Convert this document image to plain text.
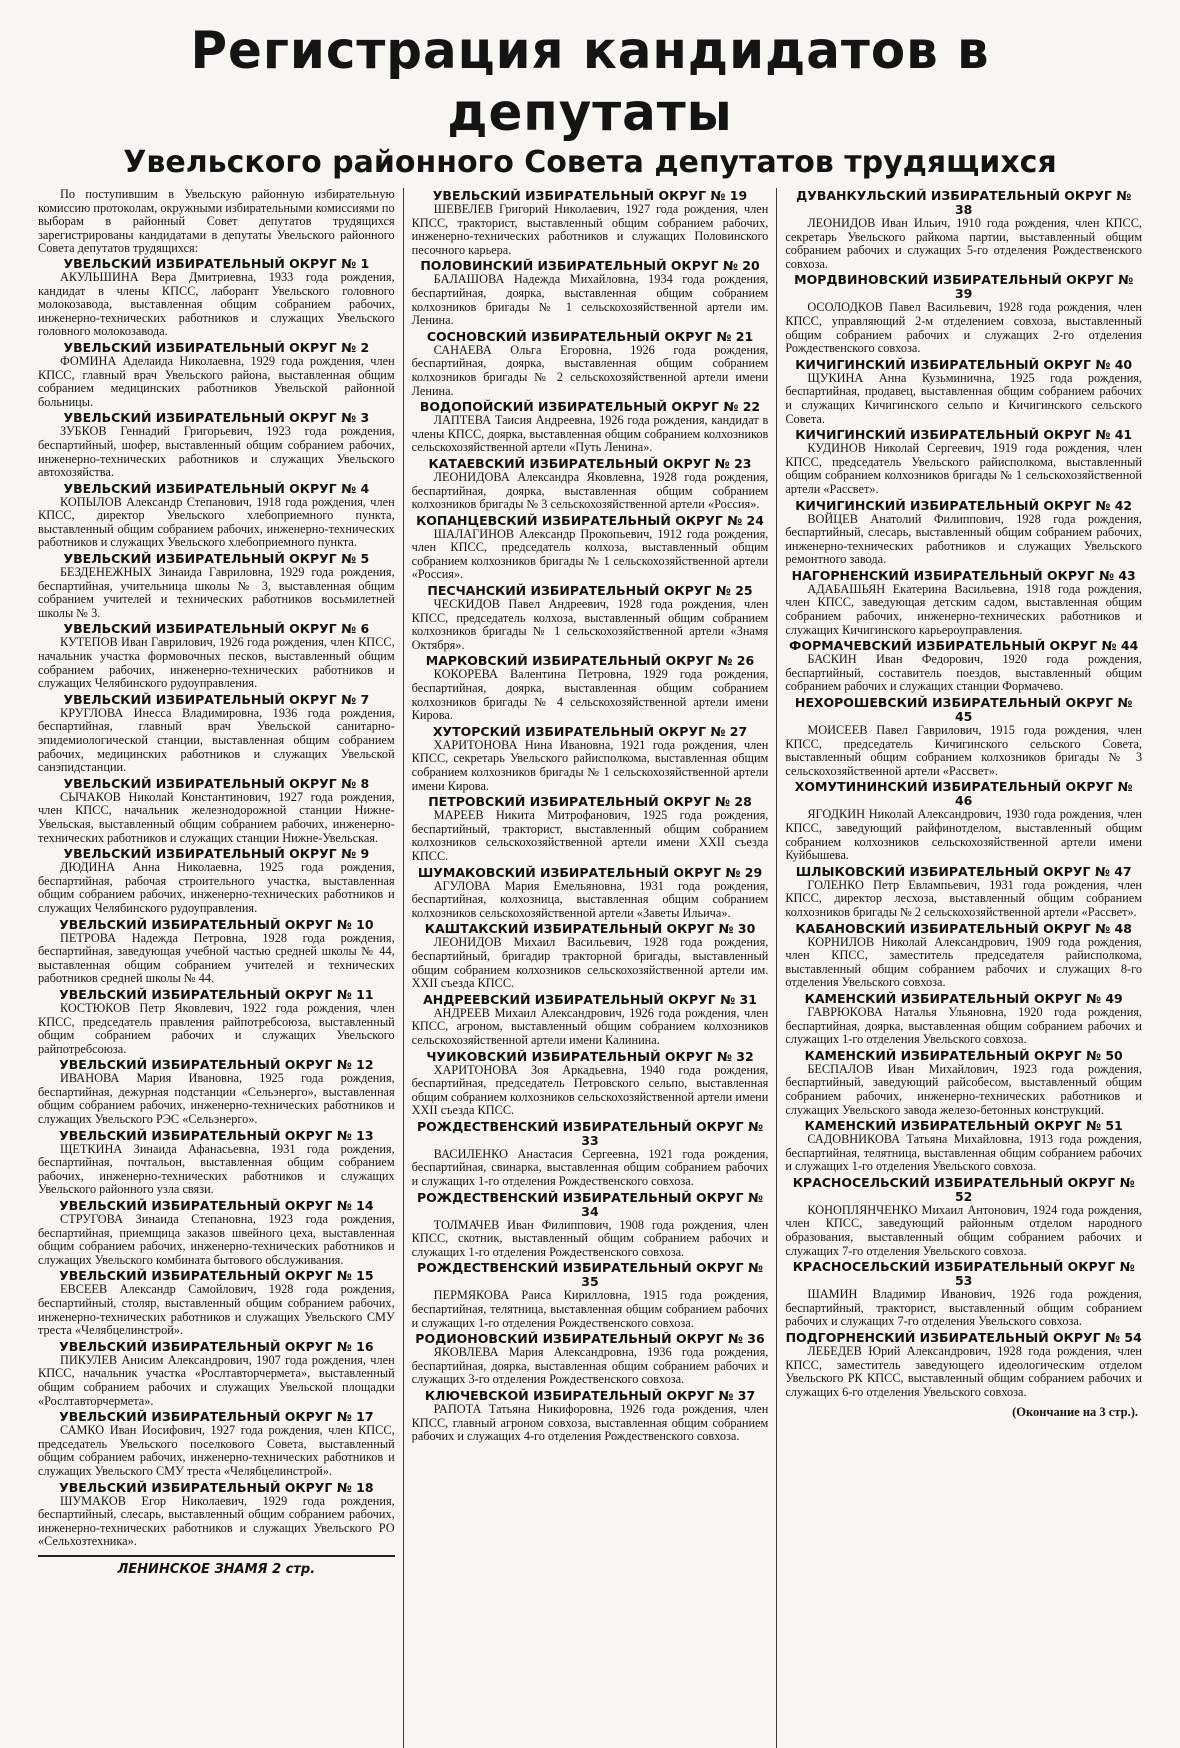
Регистрация кандидатов в депутаты
Увельского районного Совета депутатов трудящихся

По поступившим в Увельскую районную избирательную комиссию протоколам, окружными избирательными комиссиями по выборам в районный Совет депутатов трудящихся зарегистрированы кандидатами в депутаты Увельского районного Совета депутатов трудящихся:

УВЕЛЬСКИЙ ИЗБИРАТЕЛЬНЫЙ ОКРУГ № 1

АКУЛЬШИНА Вера Дмитриевна, 1933 года рождения, кандидат в члены КПСС, лаборант Увельского головного молокозавода, выставленная общим собранием рабочих, инженерно-технических работников и служащих Увельского головного молокозавода.

УВЕЛЬСКИЙ ИЗБИРАТЕЛЬНЫЙ ОКРУГ № 2

ФОМИНА Аделаида Николаевна, 1929 года рождения, член КПСС, главный врач Увельского района, выставленная общим собранием медицинских работников Увельской районной больницы.

УВЕЛЬСКИЙ ИЗБИРАТЕЛЬНЫЙ ОКРУГ № 3

ЗУБКОВ Геннадий Григорьевич, 1923 года рождения, беспартийный, шофер, выставленный общим собранием рабочих, инженерно-технических работников и служащих Увельского автохозяйства.

УВЕЛЬСКИЙ ИЗБИРАТЕЛЬНЫЙ ОКРУГ № 4

КОПЫЛОВ Александр Степанович, 1918 года рождения, член КПСС, директор Увельского хлебоприемного пункта, выставленный общим собранием рабочих, инженерно-технических работников и служащих Увельского хлебоприемного пункта.

УВЕЛЬСКИЙ ИЗБИРАТЕЛЬНЫЙ ОКРУГ № 5

БЕЗДЕНЕЖНЫХ Зинаида Гавриловна, 1929 года рождения, беспартийная, учительница школы № 3, выставленная общим собранием учителей и технических работников восьмилетней школы № 3.

УВЕЛЬСКИЙ ИЗБИРАТЕЛЬНЫЙ ОКРУГ № 6

КУТЕПОВ Иван Гаврилович, 1926 года рождения, член КПСС, начальник участка формовочных песков, выставленный общим собранием рабочих, инженерно-технических работников и служащих Челябинского рудоуправления.

УВЕЛЬСКИЙ ИЗБИРАТЕЛЬНЫЙ ОКРУГ № 7

КРУГЛОВА Инесса Владимировна, 1936 года рождения, беспартийная, главный врач Увельской санитарно-эпидемиологической станции, выставленная общим собранием рабочих, медицинских работников и служащих Увельской санэпидстанции.

УВЕЛЬСКИЙ ИЗБИРАТЕЛЬНЫЙ ОКРУГ № 8

СЫЧАКОВ Николай Константинович, 1927 года рождения, член КПСС, начальник железнодорожной станции Нижне-Увельская, выставленный общим собранием рабочих, инженерно-технических работников и служащих станции Нижне-Увельская.

УВЕЛЬСКИЙ ИЗБИРАТЕЛЬНЫЙ ОКРУГ № 9

ДЮДИНА Анна Николаевна, 1925 года рождения, беспартийная, рабочая строительного участка, выставленная общим собранием рабочих, инженерно-технических работников и служащих Челябинского рудоуправления.

УВЕЛЬСКИЙ ИЗБИРАТЕЛЬНЫЙ ОКРУГ № 10

ПЕТРОВА Надежда Петровна, 1928 года рождения, беспартийная, заведующая учебной частью средней школы № 44, выставленная общим собранием учителей и технических работников средней школы № 44.

УВЕЛЬСКИЙ ИЗБИРАТЕЛЬНЫЙ ОКРУГ № 11

КОСТЮКОВ Петр Яковлевич, 1922 года рождения, член КПСС, председатель правления райпотребсоюза, выставленный общим собранием рабочих и служащих Увельского райпотребсоюза.

УВЕЛЬСКИЙ ИЗБИРАТЕЛЬНЫЙ ОКРУГ № 12

ИВАНОВА Мария Ивановна, 1925 года рождения, беспартийная, дежурная подстанции «Сельэнерго», выставленная общим собранием рабочих, инженерно-технических работников и служащих Увельского РЭС «Сельэнерго».

УВЕЛЬСКИЙ ИЗБИРАТЕЛЬНЫЙ ОКРУГ № 13

ЩЕТКИНА Зинаида Афанасьевна, 1931 года рождения, беспартийная, почтальон, выставленная общим собранием рабочих, инженерно-технических работников и служащих Увельского районного узла связи.

УВЕЛЬСКИЙ ИЗБИРАТЕЛЬНЫЙ ОКРУГ № 14

СТРУГОВА Зинаида Степановна, 1923 года рождения, беспартийная, приемщица заказов швейного цеха, выставленная общим собранием рабочих, инженерно-технических работников и служащих Увельского комбината бытового обслуживания.

УВЕЛЬСКИЙ ИЗБИРАТЕЛЬНЫЙ ОКРУГ № 15

ЕВСЕЕВ Александр Самойлович, 1928 года рождения, беспартийный, столяр, выставленный общим собранием рабочих, инженерно-технических работников и служащих Увельского СМУ треста «Челябцелинстрой».

УВЕЛЬСКИЙ ИЗБИРАТЕЛЬНЫЙ ОКРУГ № 16

ПИКУЛЕВ Анисим Александрович, 1907 года рождения, член КПСС, начальник участка «Рослтавторчермета», выставленный общим собранием рабочих и служащих Увельской площадки «Рослтавторчермета».

УВЕЛЬСКИЙ ИЗБИРАТЕЛЬНЫЙ ОКРУГ № 17

САМКО Иван Иосифович, 1927 года рождения, член КПСС, председатель Увельского поселкового Совета, выставленный общим собранием рабочих, инженерно-технических работников и служащих Увельского СМУ треста «Челябцелинстрой».

УВЕЛЬСКИЙ ИЗБИРАТЕЛЬНЫЙ ОКРУГ № 18

ШУМАКОВ Егор Николаевич, 1929 года рождения, беспартийный, слесарь, выставленный общим собранием рабочих, инженерно-технических работников и служащих Увельского РО «Сельхозтехника».

ЛЕНИНСКОЕ ЗНАМЯ 2 стр.
УВЕЛЬСКИЙ ИЗБИРАТЕЛЬНЫЙ ОКРУГ № 19

ШЕВЕЛЕВ Григорий Николаевич, 1927 года рождения, член КПСС, тракторист, выставленный общим собранием рабочих, инженерно-технических работников и служащих Половинского песочного карьера.

ПОЛОВИНСКИЙ ИЗБИРАТЕЛЬНЫЙ ОКРУГ № 20

БАЛАШОВА Надежда Михайловна, 1934 года рождения, беспартийная, доярка, выставленная общим собранием колхозников бригады № 1 сельскохозяйственной артели им. Ленина.

СОСНОВСКИЙ ИЗБИРАТЕЛЬНЫЙ ОКРУГ № 21

САНАЕВА Ольга Егоровна, 1926 года рождения, беспартийная, доярка, выставленная общим собранием колхозников бригады № 2 сельскохозяйственной артели имени Ленина.

ВОДОПОЙСКИЙ ИЗБИРАТЕЛЬНЫЙ ОКРУГ № 22

ЛАПТЕВА Таисия Андреевна, 1926 года рождения, кандидат в члены КПСС, доярка, выставленная общим собранием колхозников сельскохозяйственной артели «Путь Ленина».

КАТАЕВСКИЙ ИЗБИРАТЕЛЬНЫЙ ОКРУГ № 23

ЛЕОНИДОВА Александра Яковлевна, 1928 года рождения, беспартийная, доярка, выставленная общим собранием колхозников бригады № 3 сельскохозяйственной артели «Россия».

КОПАНЦЕВСКИЙ ИЗБИРАТЕЛЬНЫЙ ОКРУГ № 24

ШАЛАГИНОВ Александр Прокопьевич, 1912 года рождения, член КПСС, председатель колхоза, выставленный общим собранием колхозников бригады № 1 сельскохозяйственной артели «Россия».

ПЕСЧАНСКИЙ ИЗБИРАТЕЛЬНЫЙ ОКРУГ № 25

ЧЕСКИДОВ Павел Андреевич, 1928 года рождения, член КПСС, председатель колхоза, выставленный общим собранием колхозников бригады № 1 сельскохозяйственной артели «Знамя Октября».

МАРКОВСКИЙ ИЗБИРАТЕЛЬНЫЙ ОКРУГ № 26

КОКОРЕВА Валентина Петровна, 1929 года рождения, беспартийная, доярка, выставленная общим собранием колхозников бригады № 4 сельскохозяйственной артели имени Кирова.

ХУТОРСКИЙ ИЗБИРАТЕЛЬНЫЙ ОКРУГ № 27

ХАРИТОНОВА Нина Ивановна, 1921 года рождения, член КПСС, секретарь Увельского райисполкома, выставленная общим собранием колхозников бригады № 1 сельскохозяйственной артели имени Кирова.

ПЕТРОВСКИЙ ИЗБИРАТЕЛЬНЫЙ ОКРУГ № 28

МАРЕЕВ Никита Митрофанович, 1925 года рождения, беспартийный, тракторист, выставленный общим собранием колхозников сельскохозяйственной артели имени XXII съезда КПСС.

ШУМАКОВСКИЙ ИЗБИРАТЕЛЬНЫЙ ОКРУГ № 29

АГУЛОВА Мария Емельяновна, 1931 года рождения, беспартийная, колхозница, выставленная общим собранием колхозников сельскохозяйственной артели «Заветы Ильича».

КАШТАКСКИЙ ИЗБИРАТЕЛЬНЫЙ ОКРУГ № 30

ЛЕОНИДОВ Михаил Васильевич, 1928 года рождения, беспартийный, бригадир тракторной бригады, выставленный общим собранием колхозников сельскохозяйственной артели им. XXII съезда КПСС.

АНДРЕЕВСКИЙ ИЗБИРАТЕЛЬНЫЙ ОКРУГ № 31

АНДРЕЕВ Михаил Александрович, 1926 года рождения, член КПСС, агроном, выставленный общим собранием колхозников сельскохозяйственной артели имени Калинина.

ЧУИКОВСКИЙ ИЗБИРАТЕЛЬНЫЙ ОКРУГ № 32

ХАРИТОНОВА Зоя Аркадьевна, 1940 года рождения, беспартийная, председатель Петровского сельпо, выставленная общим собранием колхозников сельскохозяйственной артели имени XXII съезда КПСС.

РОЖДЕСТВЕНСКИЙ ИЗБИРАТЕЛЬНЫЙ ОКРУГ № 33

ВАСИЛЕНКО Анастасия Сергеевна, 1921 года рождения, беспартийная, свинарка, выставленная общим собранием рабочих и служащих 1-го отделения Рождественского совхоза.

РОЖДЕСТВЕНСКИЙ ИЗБИРАТЕЛЬНЫЙ ОКРУГ № 34

ТОЛМАЧЕВ Иван Филиппович, 1908 года рождения, член КПСС, скотник, выставленный общим собранием рабочих и служащих 1-го отделения Рождественского совхоза.

РОЖДЕСТВЕНСКИЙ ИЗБИРАТЕЛЬНЫЙ ОКРУГ № 35

ПЕРМЯКОВА Раиса Кирилловна, 1915 года рождения, беспартийная, телятница, выставленная общим собранием рабочих и служащих 1-го отделения Рождественского совхоза.

РОДИОНОВСКИЙ ИЗБИРАТЕЛЬНЫЙ ОКРУГ № 36

ЯКОВЛЕВА Мария Александровна, 1936 года рождения, беспартийная, доярка, выставленная общим собранием рабочих и служащих 3-го отделения Рождественского совхоза.

КЛЮЧЕВСКОЙ ИЗБИРАТЕЛЬНЫЙ ОКРУГ № 37

РАПОТА Татьяна Никифоровна, 1926 года рождения, член КПСС, главный агроном совхоза, выставленная общим собранием рабочих и служащих 4-го отделения Рождественского совхоза.

ДУВАНКУЛЬСКИЙ ИЗБИРАТЕЛЬНЫЙ ОКРУГ № 38

ЛЕОНИДОВ Иван Ильич, 1910 года рождения, член КПСС, секретарь Увельского райкома партии, выставленный общим собранием рабочих и служащих 5-го отделения Рождественского совхоза.

МОРДВИНОВСКИЙ ИЗБИРАТЕЛЬНЫЙ ОКРУГ № 39

ОСОЛОДКОВ Павел Васильевич, 1928 года рождения, член КПСС, управляющий 2-м отделением совхоза, выставленный общим собранием рабочих и служащих 2-го отделения Рождественского совхоза.

КИЧИГИНСКИЙ ИЗБИРАТЕЛЬНЫЙ ОКРУГ № 40

ЩУКИНА Анна Кузьминична, 1925 года рождения, беспартийная, продавец, выставленная общим собранием рабочих и служащих Кичигинского сельпо и Кичигинского сельского Совета.

КИЧИГИНСКИЙ ИЗБИРАТЕЛЬНЫЙ ОКРУГ № 41

КУДИНОВ Николай Сергеевич, 1919 года рождения, член КПСС, председатель Увельского райисполкома, выставленный общим собранием колхозников бригады № 1 сельскохозяйственной артели «Рассвет».

КИЧИГИНСКИЙ ИЗБИРАТЕЛЬНЫЙ ОКРУГ № 42

ВОЙЦЕВ Анатолий Филиппович, 1928 года рождения, беспартийный, слесарь, выставленный общим собранием рабочих, инженерно-технических работников и служащих Увельского ремонтного завода.

НАГОРНЕНСКИЙ ИЗБИРАТЕЛЬНЫЙ ОКРУГ № 43

АДАБАШЬЯН Екатерина Васильевна, 1918 года рождения, член КПСС, заведующая детским садом, выставленная общим собранием рабочих, инженерно-технических работников и служащих Кичигинского карьероуправления.

ФОРМАЧЕВСКИЙ ИЗБИРАТЕЛЬНЫЙ ОКРУГ № 44

БАСКИН Иван Федорович, 1920 года рождения, беспартийный, составитель поездов, выставленный общим собранием рабочих и служащих станции Формачево.

НЕХОРОШЕВСКИЙ ИЗБИРАТЕЛЬНЫЙ ОКРУГ № 45

МОИСЕЕВ Павел Гаврилович, 1915 года рождения, член КПСС, председатель Кичигинского сельского Совета, выставленный общим собранием колхозников бригады № 3 сельскохозяйственной артели «Рассвет».

ХОМУТИНИНСКИЙ ИЗБИРАТЕЛЬНЫЙ ОКРУГ № 46

ЯГОДКИН Николай Александрович, 1930 года рождения, член КПСС, заведующий райфинотделом, выставленный общим собранием колхозников сельскохозяйственной артели имени Куйбышева.

ШЛЫКОВСКИЙ ИЗБИРАТЕЛЬНЫЙ ОКРУГ № 47

ГОЛЕНКО Петр Евлампьевич, 1931 года рождения, член КПСС, директор лесхоза, выставленный общим собранием колхозников бригады № 2 сельскохозяйственной артели «Рассвет».

КАБАНОВСКИЙ ИЗБИРАТЕЛЬНЫЙ ОКРУГ № 48

КОРНИЛОВ Николай Александрович, 1909 года рождения, член КПСС, заместитель председателя райисполкома, выставленный общим собранием рабочих и служащих 8-го отделения Увельского совхоза.

КАМЕНСКИЙ ИЗБИРАТЕЛЬНЫЙ ОКРУГ № 49

ГАВРЮКОВА Наталья Ульяновна, 1920 года рождения, беспартийная, доярка, выставленная общим собранием рабочих и служащих 1-го отделения Увельского совхоза.

КАМЕНСКИЙ ИЗБИРАТЕЛЬНЫЙ ОКРУГ № 50

БЕСПАЛОВ Иван Михайлович, 1923 года рождения, беспартийный, заведующий райсобесом, выставленный общим собранием рабочих, инженерно-технических работников и служащих Увельского завода железо-бетонных конструкций.

КАМЕНСКИЙ ИЗБИРАТЕЛЬНЫЙ ОКРУГ № 51

САДОВНИКОВА Татьяна Михайловна, 1913 года рождения, беспартийная, телятница, выставленная общим собранием рабочих и служащих 1-го отделения Увельского совхоза.

КРАСНОСЕЛЬСКИЙ ИЗБИРАТЕЛЬНЫЙ ОКРУГ № 52

КОНОПЛЯНЧЕНКО Михаил Антонович, 1924 года рождения, член КПСС, заведующий районным отделом народного образования, выставленный общим собранием рабочих и служащих 7-го отделения Увельского совхоза.

КРАСНОСЕЛЬСКИЙ ИЗБИРАТЕЛЬНЫЙ ОКРУГ № 53

ШАМИН Владимир Иванович, 1926 года рождения, беспартийный, тракторист, выставленный общим собранием рабочих и служащих 7-го отделения Увельского совхоза.

ПОДГОРНЕНСКИЙ ИЗБИРАТЕЛЬНЫЙ ОКРУГ № 54

ЛЕБЕДЕВ Юрий Александрович, 1928 года рождения, член КПСС, заместитель заведующего идеологическим отделом Увельского РК КПСС, выставленный общим собранием рабочих и служащих 6-го отделения Увельского совхоза.

(Окончание на 3 стр.).
